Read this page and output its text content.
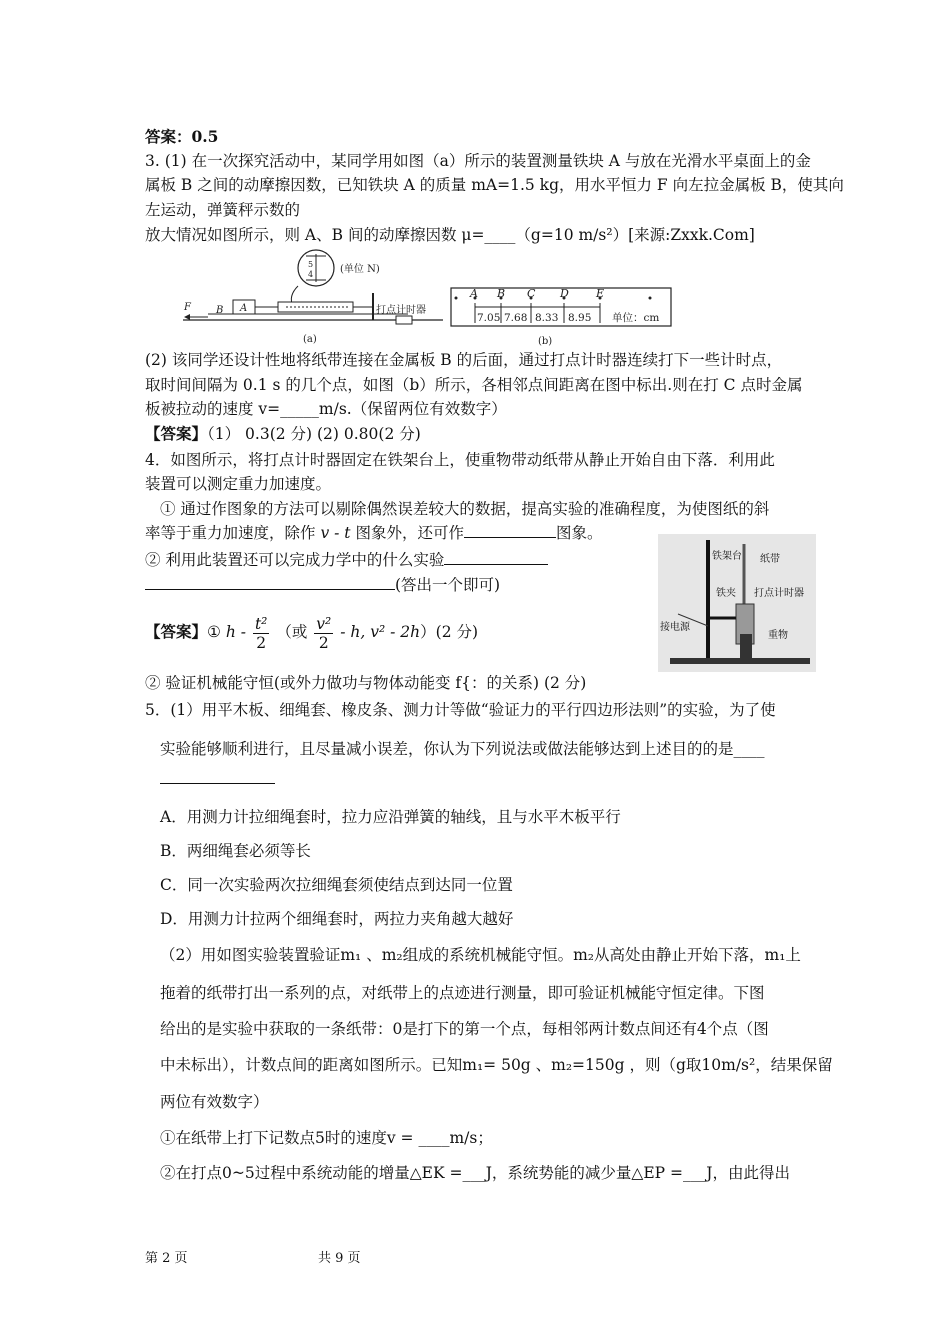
答案：0.5
3. (1) 在一次探究活动中，某同学用如图（a）所示的装置测量铁块 A 与放在光滑水平桌面上的金
属板 B 之间的动摩擦因数，已知铁块 A 的质量 mA=1.5 kg，用水平恒力 F 向左拉金属板 B，使其向
左运动，弹簧秤示数的
放大情况如图所示，则 A、B 间的动摩擦因数 μ=____（g=10 m/s²）[来源:Zxxk.Com]
5
4	(单位 N)
A
B
F	打点计时器
(a)
A B C D E
7.05 7.68 8.33 8.95 单位：cm
(b)
(2) 该同学还设计性地将纸带连接在金属板 B 的后面，通过打点计时器连续打下一些计时点，
取时间间隔为 0.1 s 的几个点，如图（b）所示，各相邻点间距离在图中标出.则在打 C 点时金属
板被拉动的速度 v=_____m/s.（保留两位有效数字）
【答案】（1） 0.3(2 分) (2) 0.80(2 分)
4．如图所示，将打点计时器固定在铁架台上，使重物带动纸带从静止开始自由下落．利用此
装置可以测定重力加速度。
① 通过作图象的方法可以剔除偶然误差较大的数据，提高实验的准确程度，为使图纸的斜
率等于重力加速度，除作 v - t 图象外，还可作	图象。
② 利用此装置还可以完成力学中的什么实验
(答出一个即可)
【答案】① h - $\frac{\text{t²}}{2}$ （或 $\frac{\text{v²}}{2}$ - h, v² - 2h）(2 分)
铁架台 纸带
铁夹 打点计时器
接电源
重物
② 验证机械能守恒(或外力做功与物体动能变 f{：的关系) (2 分)
5．(1）用平木板、细绳套、橡皮条、测力计等做“验证力的平行四边形法则”的实验，为了使
实验能够顺利进行，且尽量减小误差，你认为下列说法或做法能够达到上述目的的是____
A．用测力计拉细绳套时，拉力应沿弹簧的轴线，且与水平木板平行
B．两细绳套必须等长
C．同一次实验两次拉细绳套须使结点到达同一位置
D．用测力计拉两个细绳套时，两拉力夹角越大越好
（2）用如图实验装置验证m₁ 、m₂组成的系统机械能守恒。m₂从高处由静止开始下落，m₁上
拖着的纸带打出一系列的点，对纸带上的点迹进行测量，即可验证机械能守恒定律。下图
给出的是实验中获取的一条纸带：0是打下的第一个点，每相邻两计数点间还有4个点（图
中未标出），计数点间的距离如图所示。已知m₁= 50g 、m₂=150g ，则（g取10m/s²，结果保留
两位有效数字）
①在纸带上打下记数点5时的速度v = ____m/s；
②在打点0~5过程中系统动能的增量△EK =___J，系统势能的减少量△EP =___J，由此得出
第 2 页	共 9 页
